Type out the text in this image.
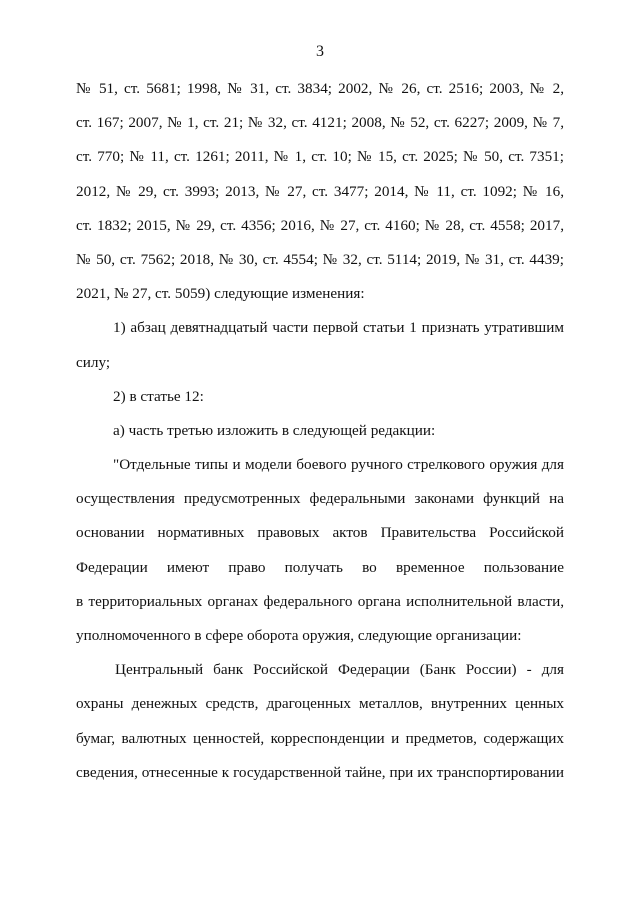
3
№ 51, ст. 5681; 1998, № 31, ст. 3834; 2002, № 26, ст. 2516; 2003, № 2,
ст. 167; 2007, № 1, ст. 21; № 32, ст. 4121; 2008, № 52, ст. 6227; 2009, № 7,
ст. 770; № 11, ст. 1261; 2011, № 1, ст. 10; № 15, ст. 2025; № 50, ст. 7351;
2012, № 29, ст. 3993; 2013, № 27, ст. 3477; 2014, № 11, ст. 1092; № 16,
ст. 1832; 2015, № 29, ст. 4356; 2016, № 27, ст. 4160; № 28, ст. 4558; 2017,
№ 50, ст. 7562; 2018, № 30, ст. 4554; № 32, ст. 5114; 2019, № 31, ст. 4439;
2021, № 27, ст. 5059) следующие изменения:
1) абзац девятнадцатый части первой статьи 1 признать утратившим
силу;
2) в статье 12:
а) часть третью изложить в следующей редакции:
"Отдельные типы и модели боевого ручного стрелкового оружия для
осуществления предусмотренных федеральными законами функций на
основании нормативных правовых актов Правительства Российской
Федерации имеют право получать во временное пользование
в территориальных органах федерального органа исполнительной власти,
уполномоченного в сфере оборота оружия, следующие организации:
Центральный банк Российской Федерации (Банк России) - для
охраны денежных средств, драгоценных металлов, внутренних ценных
бумаг, валютных ценностей, корреспонденции и предметов, содержащих
сведения, отнесенные к государственной тайне, при их транспортировании
